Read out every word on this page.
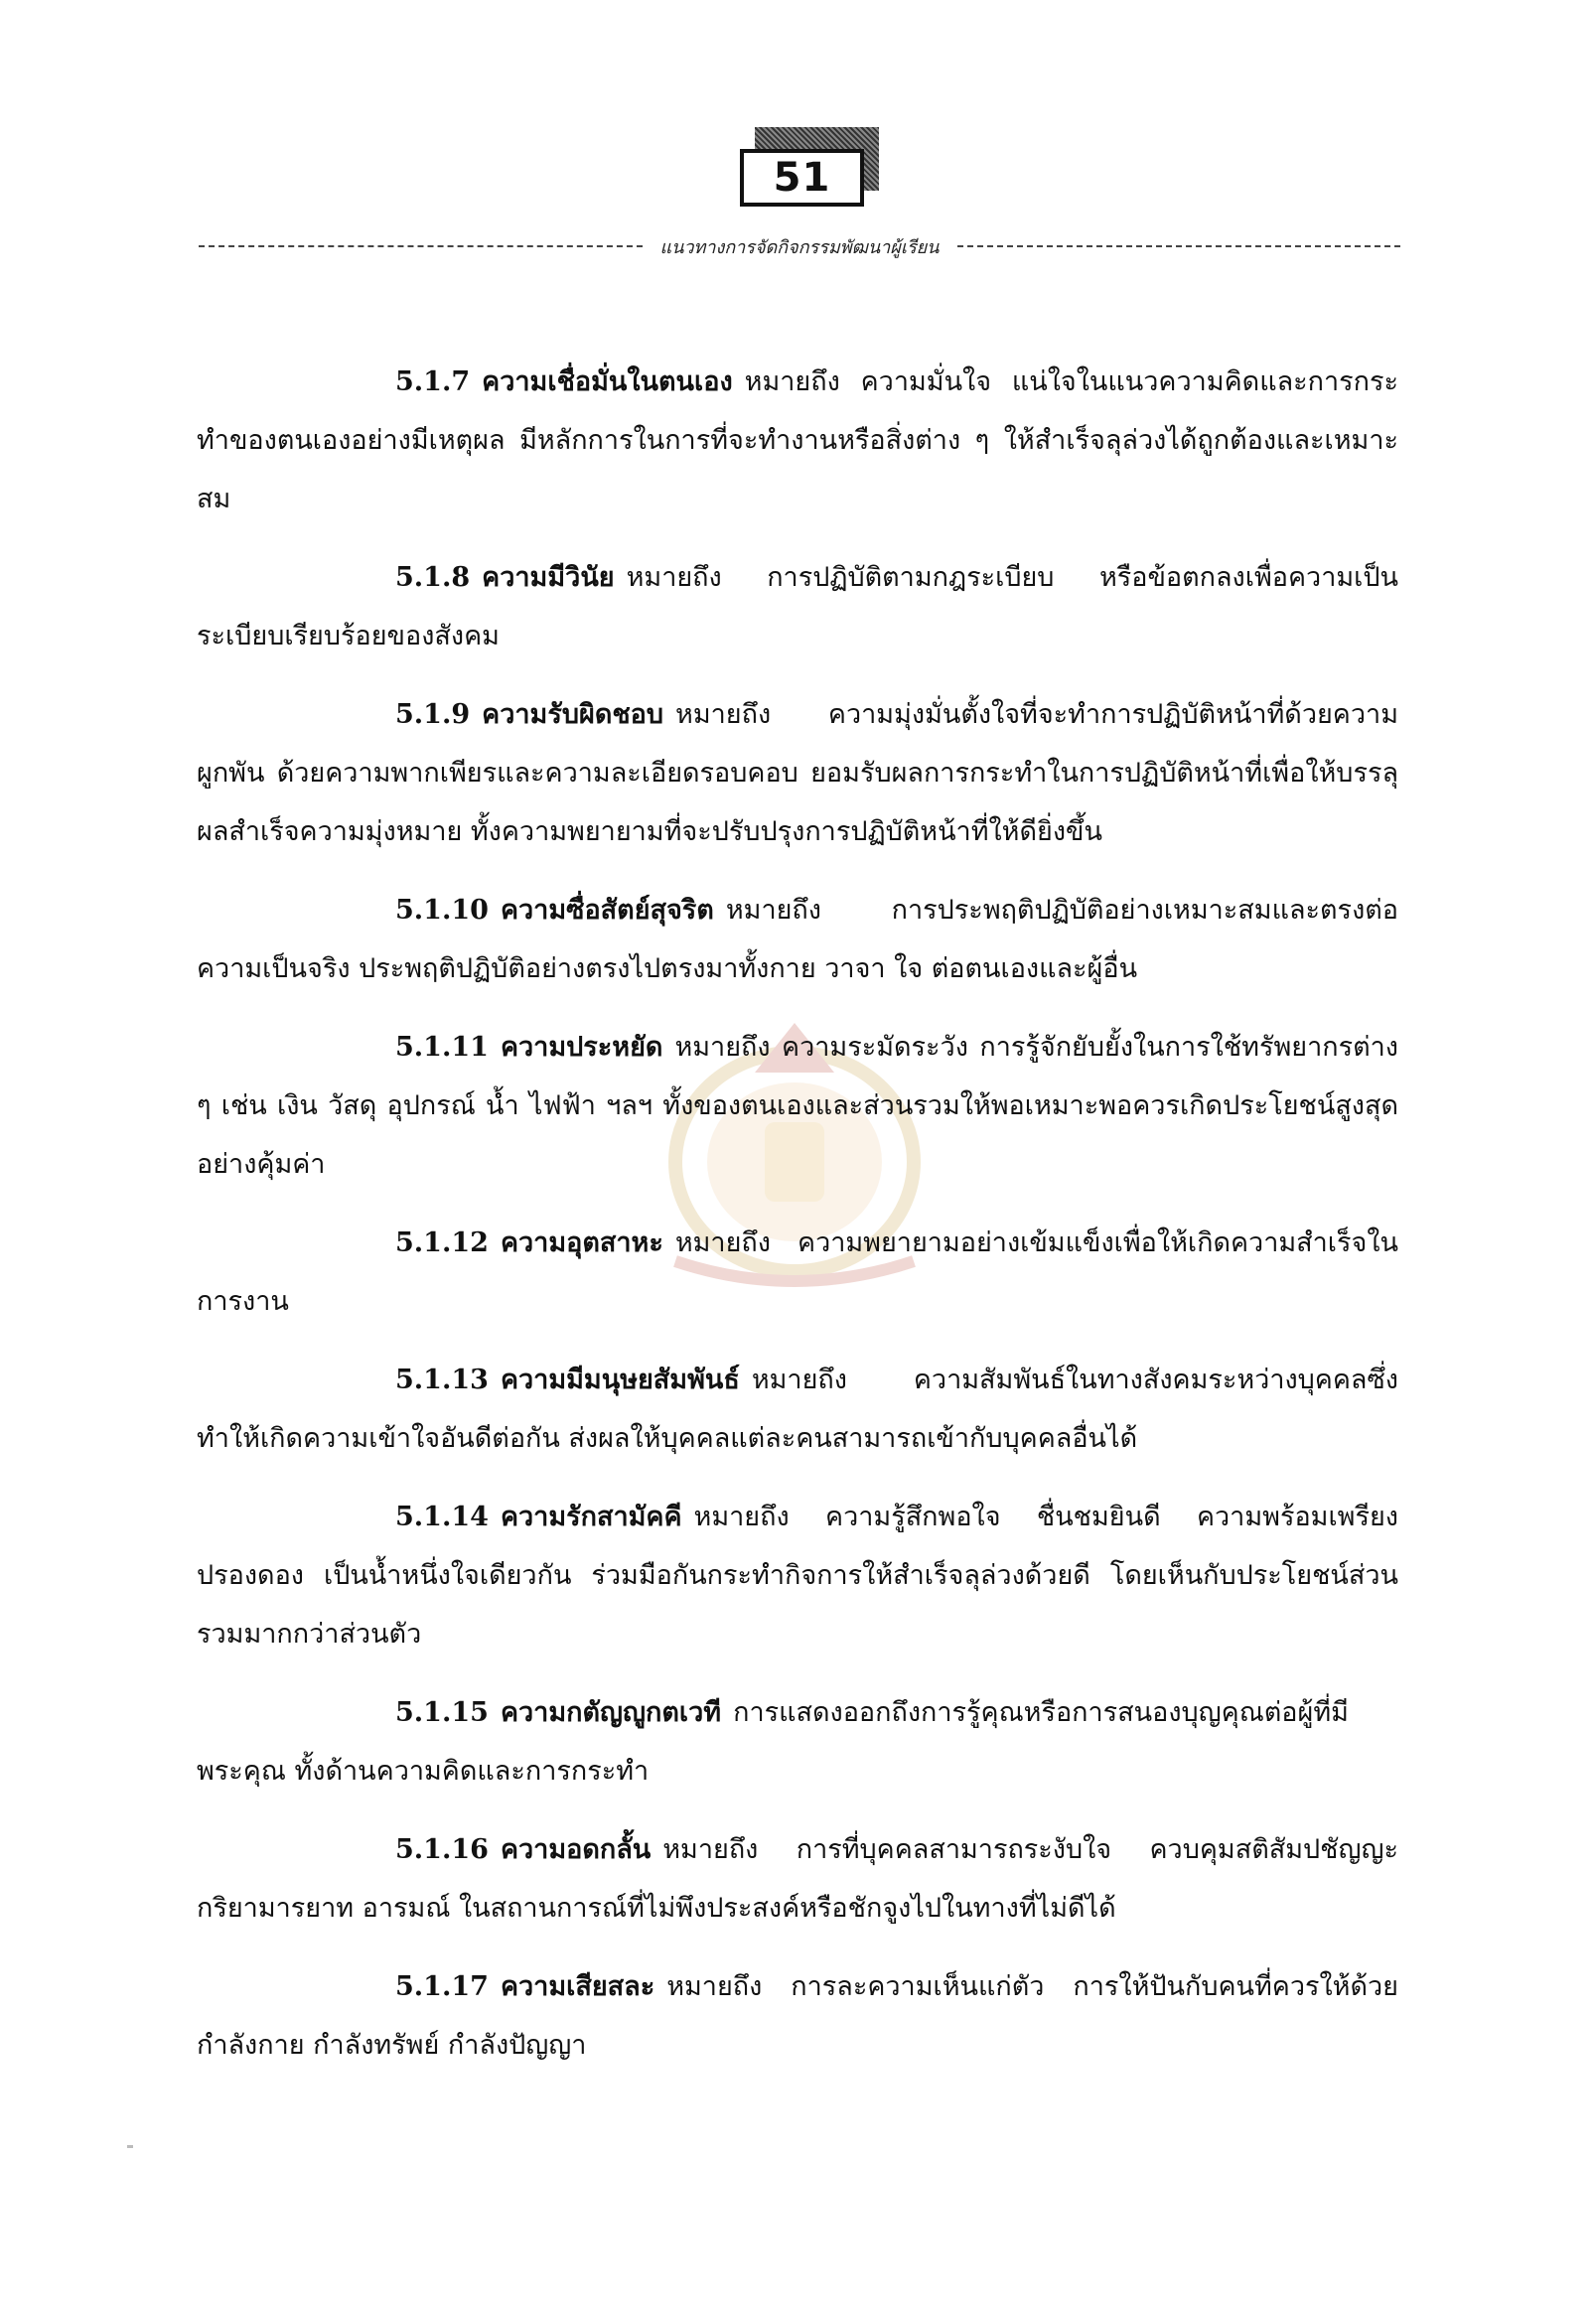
51
แนวทางการจัดกิจกรรมพัฒนาผู้เรียน

5.1.7 ความเชื่อมั่นในตนเอง หมายถึง ความมั่นใจ แน่ใจในแนวความคิดและการกระทำของตนเองอย่างมีเหตุผล มีหลักการในการที่จะทำงานหรือสิ่งต่าง ๆ ให้สำเร็จลุล่วงได้ถูกต้องและเหมาะสม

5.1.8 ความมีวินัย หมายถึง การปฏิบัติตามกฎระเบียบ หรือข้อตกลงเพื่อความเป็นระเบียบเรียบร้อยของสังคม

5.1.9 ความรับผิดชอบ หมายถึง ความมุ่งมั่นตั้งใจที่จะทำการปฏิบัติหน้าที่ด้วยความผูกพัน ด้วยความพากเพียรและความละเอียดรอบคอบ ยอมรับผลการกระทำในการปฏิบัติหน้าที่เพื่อให้บรรลุผลสำเร็จความมุ่งหมาย ทั้งความพยายามที่จะปรับปรุงการปฏิบัติหน้าที่ให้ดียิ่งขึ้น

5.1.10 ความซื่อสัตย์สุจริต หมายถึง การประพฤติปฏิบัติอย่างเหมาะสมและตรงต่อความเป็นจริง ประพฤติปฏิบัติอย่างตรงไปตรงมาทั้งกาย วาจา ใจ ต่อตนเองและผู้อื่น

5.1.11 ความประหยัด หมายถึง ความระมัดระวัง การรู้จักยับยั้งในการใช้ทรัพยากรต่าง ๆ เช่น เงิน วัสดุ อุปกรณ์ น้ำ ไฟฟ้า ฯลฯ ทั้งของตนเองและส่วนรวมให้พอเหมาะพอควรเกิดประโยชน์สูงสุดอย่างคุ้มค่า

5.1.12 ความอุตสาหะ หมายถึง ความพยายามอย่างเข้มแข็งเพื่อให้เกิดความสำเร็จในการงาน

5.1.13 ความมีมนุษยสัมพันธ์ หมายถึง ความสัมพันธ์ในทางสังคมระหว่างบุคคลซึ่งทำให้เกิดความเข้าใจอันดีต่อกัน ส่งผลให้บุคคลแต่ละคนสามารถเข้ากับบุคคลอื่นได้

5.1.14 ความรักสามัคคี หมายถึง ความรู้สึกพอใจ ชื่นชมยินดี ความพร้อมเพรียงปรองดอง เป็นน้ำหนึ่งใจเดียวกัน ร่วมมือกันกระทำกิจการให้สำเร็จลุล่วงด้วยดี โดยเห็นกับประโยชน์ส่วนรวมมากกว่าส่วนตัว

5.1.15 ความกตัญญูกตเวที การแสดงออกถึงการรู้คุณหรือการสนองบุญคุณต่อผู้ที่มีพระคุณ ทั้งด้านความคิดและการกระทำ

5.1.16 ความอดกลั้น หมายถึง การที่บุคคลสามารถระงับใจ ควบคุมสติสัมปชัญญะกริยามารยาท อารมณ์ ในสถานการณ์ที่ไม่พึงประสงค์หรือชักจูงไปในทางที่ไม่ดีได้

5.1.17 ความเสียสละ หมายถึง การละความเห็นแก่ตัว การให้ปันกับคนที่ควรให้ด้วยกำลังกาย กำลังทรัพย์ กำลังปัญญา
